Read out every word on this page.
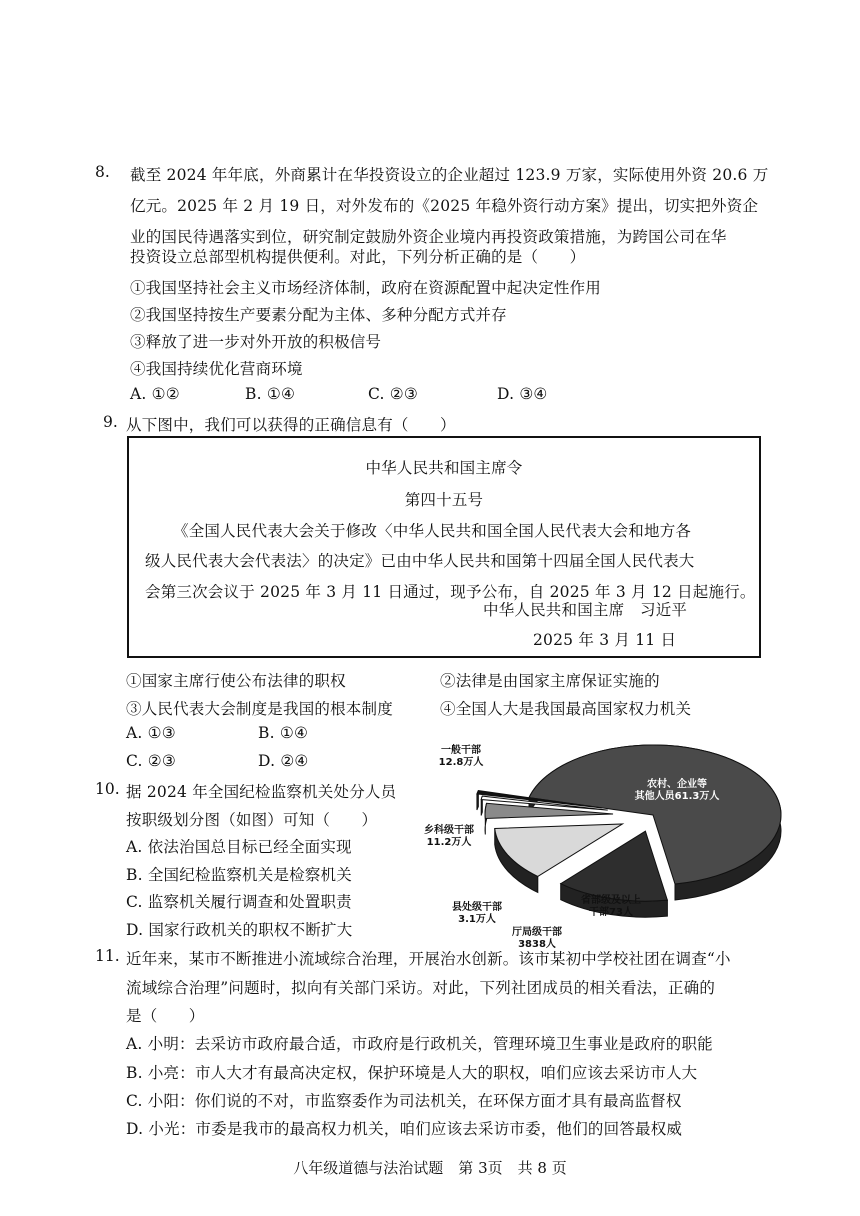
8. 截至 2024 年年底，外商累计在华投资设立的企业超过 123.9 万家，实际使用外资 20.6 万
亿元。2025 年 2 月 19 日，对外发布的《2025 年稳外资行动方案》提出，切实把外资企
业的国民待遇落实到位，研究制定鼓励外资企业境内再投资政策措施，为跨国公司在华
投资设立总部型机构提供便利。对此，下列分析正确的是（　　）
①我国坚持社会主义市场经济体制，政府在资源配置中起决定性作用
②我国坚持按生产要素分配为主体、多种分配方式并存
③释放了进一步对外开放的积极信号
④我国持续优化营商环境
A. ①②	B. ①④	C. ②③	D. ③④
9. 从下图中，我们可以获得的正确信息有（　　）
中华人民共和国主席令
第四十五号
《全国人民代表大会关于修改〈中华人民共和国全国人民代表大会和地方各
级人民代表大会代表法〉的决定》已由中华人民共和国第十四届全国人民代表大
会第三次会议于 2025 年 3 月 11 日通过，现予公布，自 2025 年 3 月 12 日起施行。
中华人民共和国主席　习近平
2025 年 3 月 11 日
①国家主席行使公布法律的职权	②法律是由国家主席保证实施的
③人民代表大会制度是我国的根本制度	④全国人大是我国最高国家权力机关
A. ①③	B. ①④
C. ②③	D. ②④
10. 据 2024 年全国纪检监察机关处分人员
按职级划分图（如图）可知（　　）
A. 依法治国总目标已经全面实现
B. 全国纪检监察机关是检察机关
C. 监察机关履行调查和处置职责
D. 国家行政机关的职权不断扩大
农村、企业等其他人员61.3万人
一般干部 12.8万人
乡科级干部 11.2万人
县处级干部 3.1万人
厅局级干部 3838人
省部级及以上干部73人
11. 近年来，某市不断推进小流域综合治理，开展治水创新。该市某初中学校社团在调查“小
流域综合治理”问题时，拟向有关部门采访。对此，下列社团成员的相关看法，正确的
是（　　）
A. 小明：去采访市政府最合适，市政府是行政机关，管理环境卫生事业是政府的职能
B. 小亮：市人大才有最高决定权，保护环境是人大的职权，咱们应该去采访市人大
C. 小阳：你们说的不对，市监察委作为司法机关，在环保方面才具有最高监督权
D. 小光：市委是我市的最高权力机关，咱们应该去采访市委，他们的回答最权威
八年级道德与法治试题　第 3页　共 8 页
